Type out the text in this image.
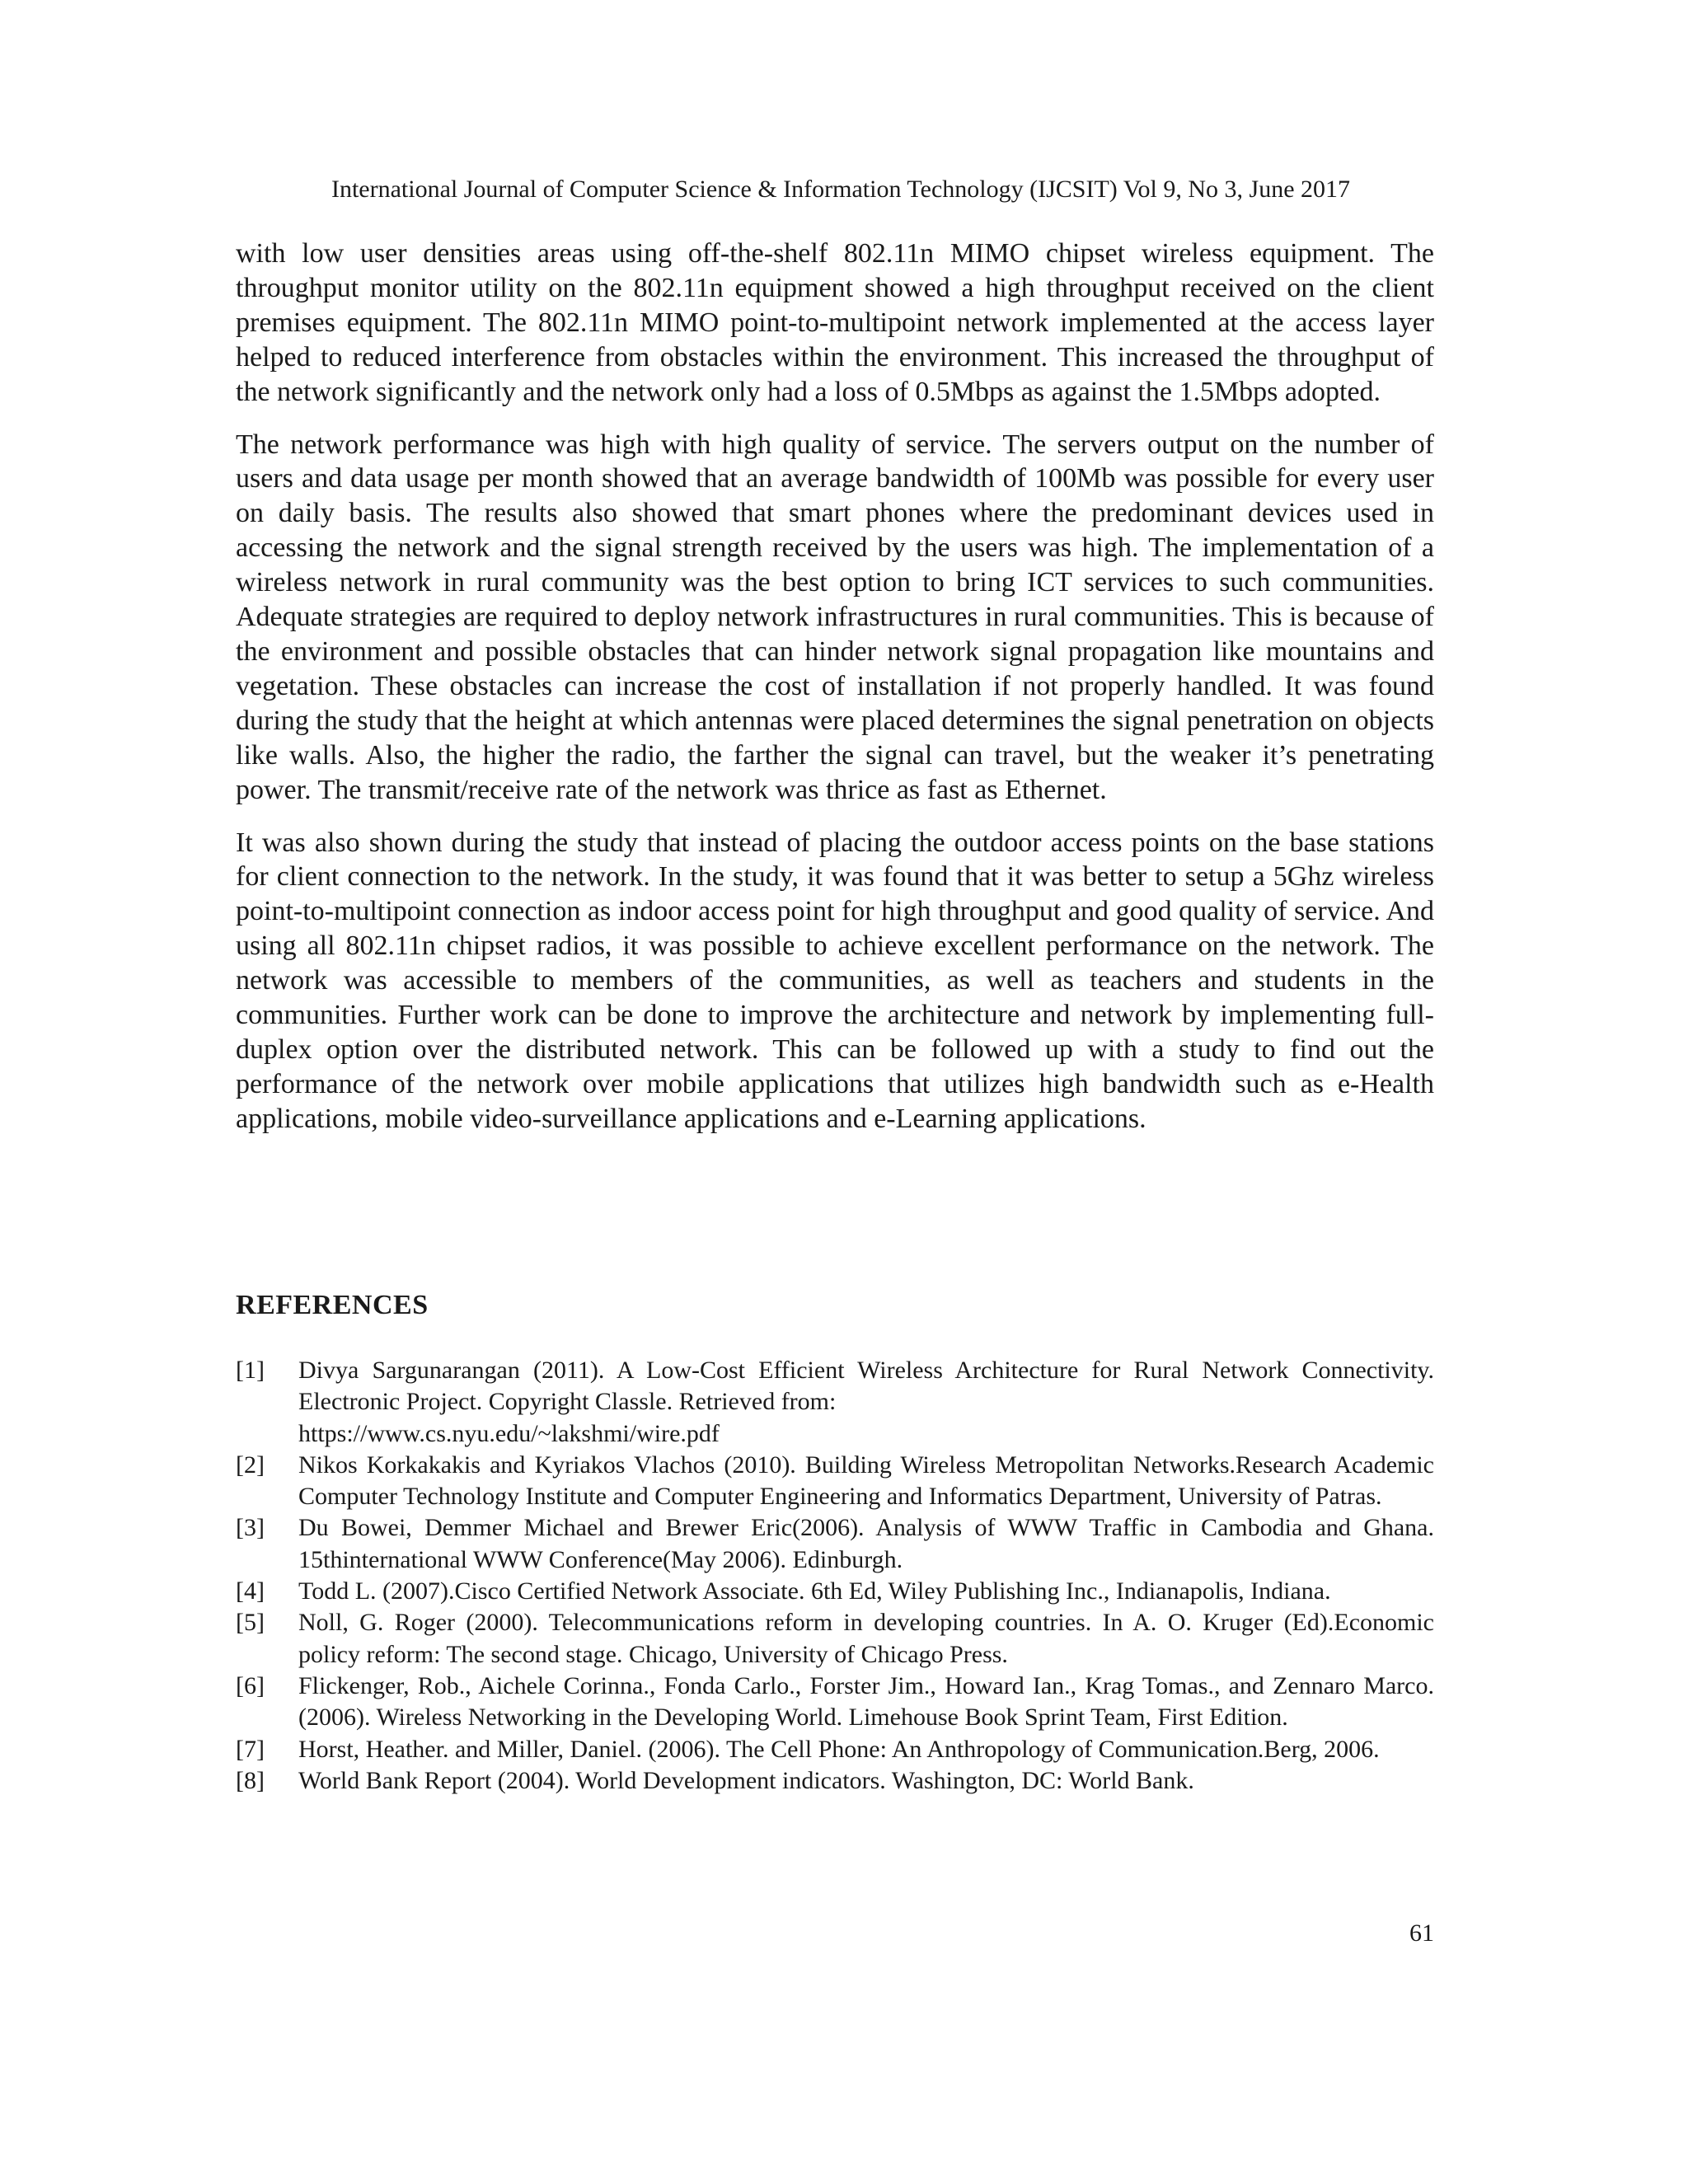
International Journal of Computer Science & Information Technology (IJCSIT) Vol 9, No 3, June 2017

with low user densities areas using off-the-shelf 802.11n MIMO chipset wireless equipment. The throughput monitor utility on the 802.11n equipment showed a high throughput received on the client premises equipment. The 802.11n MIMO point-to-multipoint network implemented at the access layer helped to reduced interference from obstacles within the environment. This increased the throughput of the network significantly and the network only had a loss of 0.5Mbps as against the 1.5Mbps adopted.

The network performance was high with high quality of service. The servers output on the number of users and data usage per month showed that an average bandwidth of 100Mb was possible for every user on daily basis. The results also showed that smart phones where the predominant devices used in accessing the network and the signal strength received by the users was high. The implementation of a wireless network in rural community was the best option to bring ICT services to such communities. Adequate strategies are required to deploy network infrastructures in rural communities. This is because of the environment and possible obstacles that can hinder network signal propagation like mountains and vegetation. These obstacles can increase the cost of installation if not properly handled. It was found during the study that the height at which antennas were placed determines the signal penetration on objects like walls. Also, the higher the radio, the farther the signal can travel, but the weaker it’s penetrating power. The transmit/receive rate of the network was thrice as fast as Ethernet.

It was also shown during the study that instead of placing the outdoor access points on the base stations for client connection to the network. In the study, it was found that it was better to setup a 5Ghz wireless point-to-multipoint connection as indoor access point for high throughput and good quality of service. And using all 802.11n chipset radios, it was possible to achieve excellent performance on the network. The network was accessible to members of the communities, as well as teachers and students in the communities. Further work can be done to improve the architecture and network by implementing full-duplex option over the distributed network. This can be followed up with a study to find out the performance of the network over mobile applications that utilizes high bandwidth such as e-Health applications, mobile video-surveillance applications and e-Learning applications.

REFERENCES
[1]	Divya Sargunarangan (2011). A Low-Cost Efficient Wireless Architecture for Rural Network Connectivity. Electronic Project. Copyright Classle. Retrieved from:
https://www.cs.nyu.edu/~lakshmi/wire.pdf
[2]	Nikos Korkakakis and Kyriakos Vlachos (2010). Building Wireless Metropolitan Networks.Research Academic Computer Technology Institute and Computer Engineering and Informatics Department, University of Patras.
[3]	Du Bowei, Demmer Michael and Brewer Eric(2006). Analysis of WWW Traffic in Cambodia and Ghana. 15thinternational WWW Conference(May 2006). Edinburgh.
[4]	Todd L. (2007).Cisco Certified Network Associate. 6th Ed, Wiley Publishing Inc., Indianapolis, Indiana.
[5]	Noll, G. Roger (2000). Telecommunications reform in developing countries. In A. O. Kruger (Ed).Economic policy reform: The second stage. Chicago, University of Chicago Press.
[6]	Flickenger, Rob., Aichele Corinna., Fonda Carlo., Forster Jim., Howard Ian., Krag Tomas., and Zennaro Marco. (2006). Wireless Networking in the Developing World. Limehouse Book Sprint Team, First Edition.
[7]	Horst, Heather. and Miller, Daniel. (2006). The Cell Phone: An Anthropology of Communication.Berg, 2006.
[8]	World Bank Report (2004). World Development indicators. Washington, DC: World Bank.
61
